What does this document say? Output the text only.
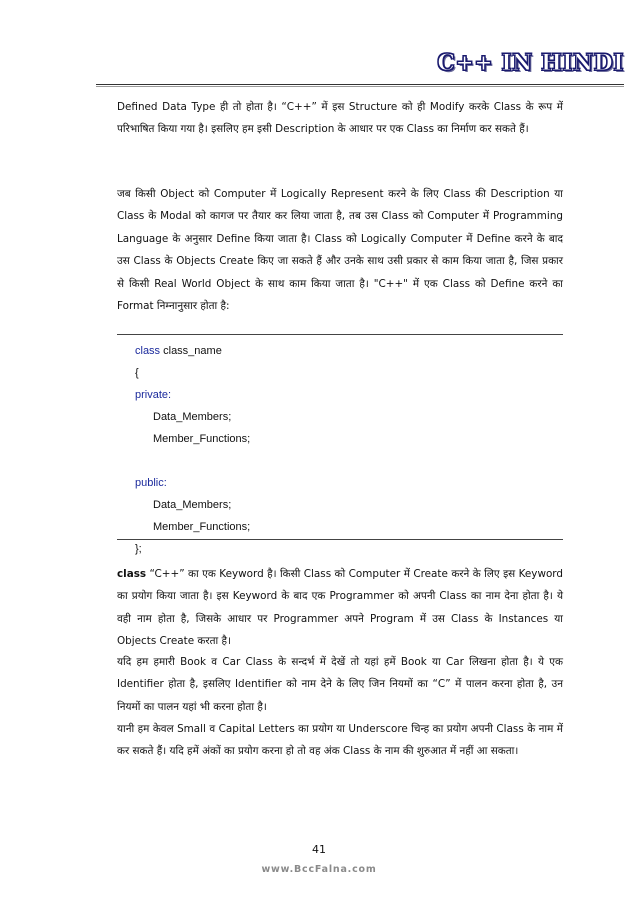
C++ IN HINDI
Defined Data Type ही तो होता है। “C++” में इस Structure को ही Modify करके Class के रूप में परिभाषित किया गया है। इसलिए हम इसी Description के आधार पर एक Class का निर्माण कर सकते हैं।
जब किसी Object को Computer में Logically Represent करने के लिए Class की Description या Class के Modal को कागज पर तैयार कर लिया जाता है, तब उस Class को Computer में Programming Language के अनुसार Define किया जाता है। Class को Logically Computer में Define करने के बाद उस Class के Objects Create किए जा सकते हैं और उनके साथ उसी प्रकार से काम किया जाता है, जिस प्रकार से किसी Real World Object के साथ काम किया जाता है। "C++" में एक Class को Define करने का Format निम्नानुसार होता है:
class class_name
{
private:
Data_Members;
Member_Functions;
public:
Data_Members;
Member_Functions;
};
class “C++” का एक Keyword है। किसी Class को Computer में Create करने के लिए इस Keyword का प्रयोग किया जाता है। इस Keyword के बाद एक Programmer को अपनी Class का नाम देना होता है। ये वही नाम होता है, जिसके आधार पर Programmer अपने Program में उस Class के Instances या Objects Create करता है।
यदि हम हमारी Book व Car Class के सन्दर्भ में देखें तो यहां हमें Book या Car लिखना होता है। ये एक Identifier होता है, इसलिए Identifier को नाम देने के लिए जिन नियमों का “C” में पालन करना होता है, उन नियमों का पालन यहां भी करना होता है।
यानी हम केवल Small व Capital Letters का प्रयोग या Underscore चिन्ह का प्रयोग अपनी Class के नाम में कर सकते हैं। यदि हमें अंकों का प्रयोग करना हो तो वह अंक Class के नाम की शुरुआत में नहीं आ सकता।
41
www.BccFalna.com
